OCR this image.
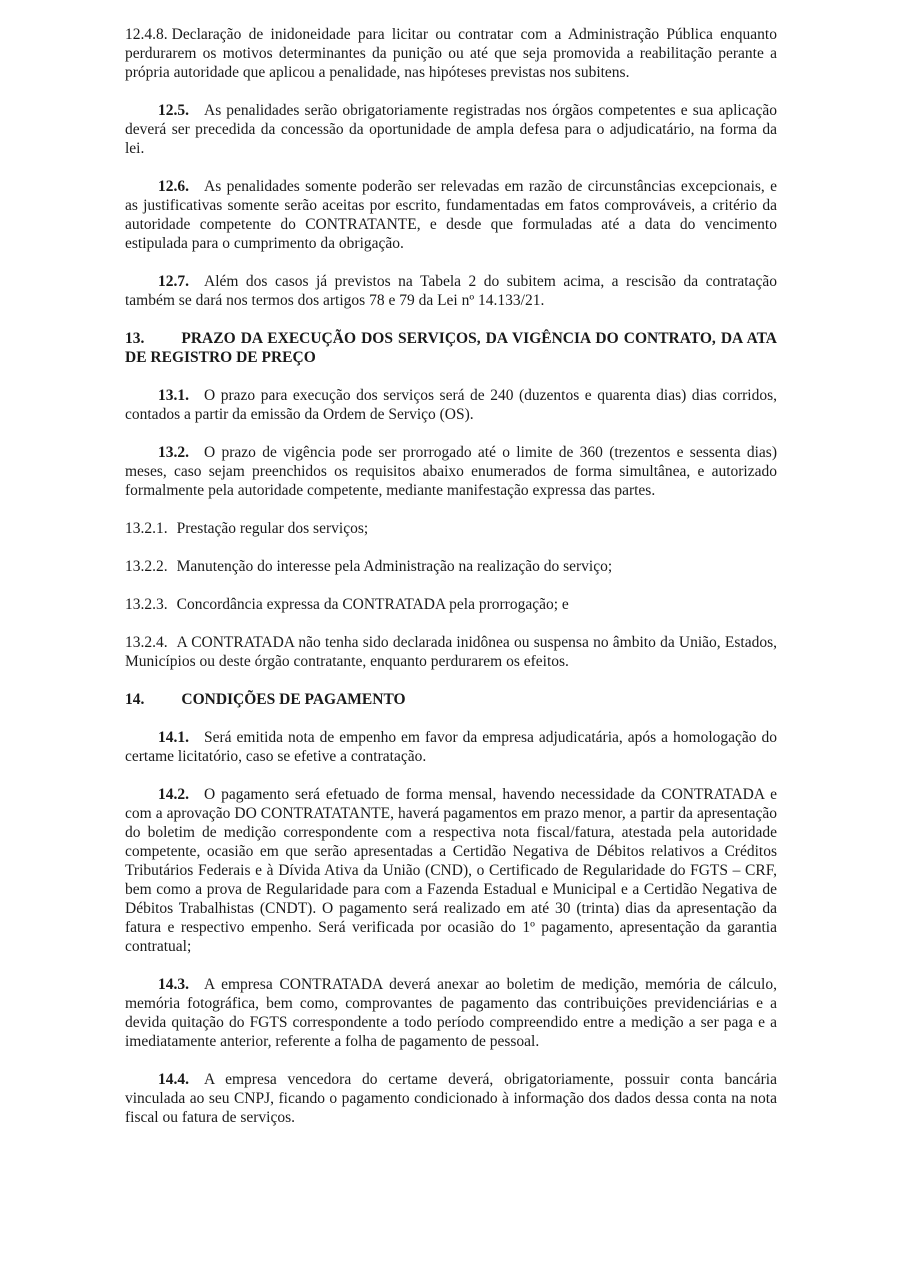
12.4.8. Declaração de inidoneidade para licitar ou contratar com a Administração Pública enquanto perdurarem os motivos determinantes da punição ou até que seja promovida a reabilitação perante a própria autoridade que aplicou a penalidade, nas hipóteses previstas nos subitens.

12.5. As penalidades serão obrigatoriamente registradas nos órgãos competentes e sua aplicação deverá ser precedida da concessão da oportunidade de ampla defesa para o adjudicatário, na forma da lei.

12.6. As penalidades somente poderão ser relevadas em razão de circunstâncias excepcionais, e as justificativas somente serão aceitas por escrito, fundamentadas em fatos comprováveis, a critério da autoridade competente do CONTRATANTE, e desde que formuladas até a data do vencimento estipulada para o cumprimento da obrigação.

12.7. Além dos casos já previstos na Tabela 2 do subitem acima, a rescisão da contratação também se dará nos termos dos artigos 78 e 79 da Lei nº 14.133/21.

13. PRAZO DA EXECUÇÃO DOS SERVIÇOS, DA VIGÊNCIA DO CONTRATO, DA ATA DE REGISTRO DE PREÇO

13.1. O prazo para execução dos serviços será de 240 (duzentos e quarenta dias) dias corridos, contados a partir da emissão da Ordem de Serviço (OS).

13.2. O prazo de vigência pode ser prorrogado até o limite de 360 (trezentos e sessenta dias) meses, caso sejam preenchidos os requisitos abaixo enumerados de forma simultânea, e autorizado formalmente pela autoridade competente, mediante manifestação expressa das partes.

13.2.1. Prestação regular dos serviços;

13.2.2. Manutenção do interesse pela Administração na realização do serviço;

13.2.3. Concordância expressa da CONTRATADA pela prorrogação; e

13.2.4. A CONTRATADA não tenha sido declarada inidônea ou suspensa no âmbito da União, Estados, Municípios ou deste órgão contratante, enquanto perdurarem os efeitos.

14. CONDIÇÕES DE PAGAMENTO

14.1. Será emitida nota de empenho em favor da empresa adjudicatária, após a homologação do certame licitatório, caso se efetive a contratação.

14.2. O pagamento será efetuado de forma mensal, havendo necessidade da CONTRATADA e com a aprovação DO CONTRATATANTE, haverá pagamentos em prazo menor, a partir da apresentação do boletim de medição correspondente com a respectiva nota fiscal/fatura, atestada pela autoridade competente, ocasião em que serão apresentadas a Certidão Negativa de Débitos relativos a Créditos Tributários Federais e à Dívida Ativa da União (CND), o Certificado de Regularidade do FGTS – CRF, bem como a prova de Regularidade para com a Fazenda Estadual e Municipal e a Certidão Negativa de Débitos Trabalhistas (CNDT). O pagamento será realizado em até 30 (trinta) dias da apresentação da fatura e respectivo empenho. Será verificada por ocasião do 1º pagamento, apresentação da garantia contratual;

14.3. A empresa CONTRATADA deverá anexar ao boletim de medição, memória de cálculo, memória fotográfica, bem como, comprovantes de pagamento das contribuições previdenciárias e a devida quitação do FGTS correspondente a todo período compreendido entre a medição a ser paga e a imediatamente anterior, referente a folha de pagamento de pessoal.

14.4. A empresa vencedora do certame deverá, obrigatoriamente, possuir conta bancária vinculada ao seu CNPJ, ficando o pagamento condicionado à informação dos dados dessa conta na nota fiscal ou fatura de serviços.
